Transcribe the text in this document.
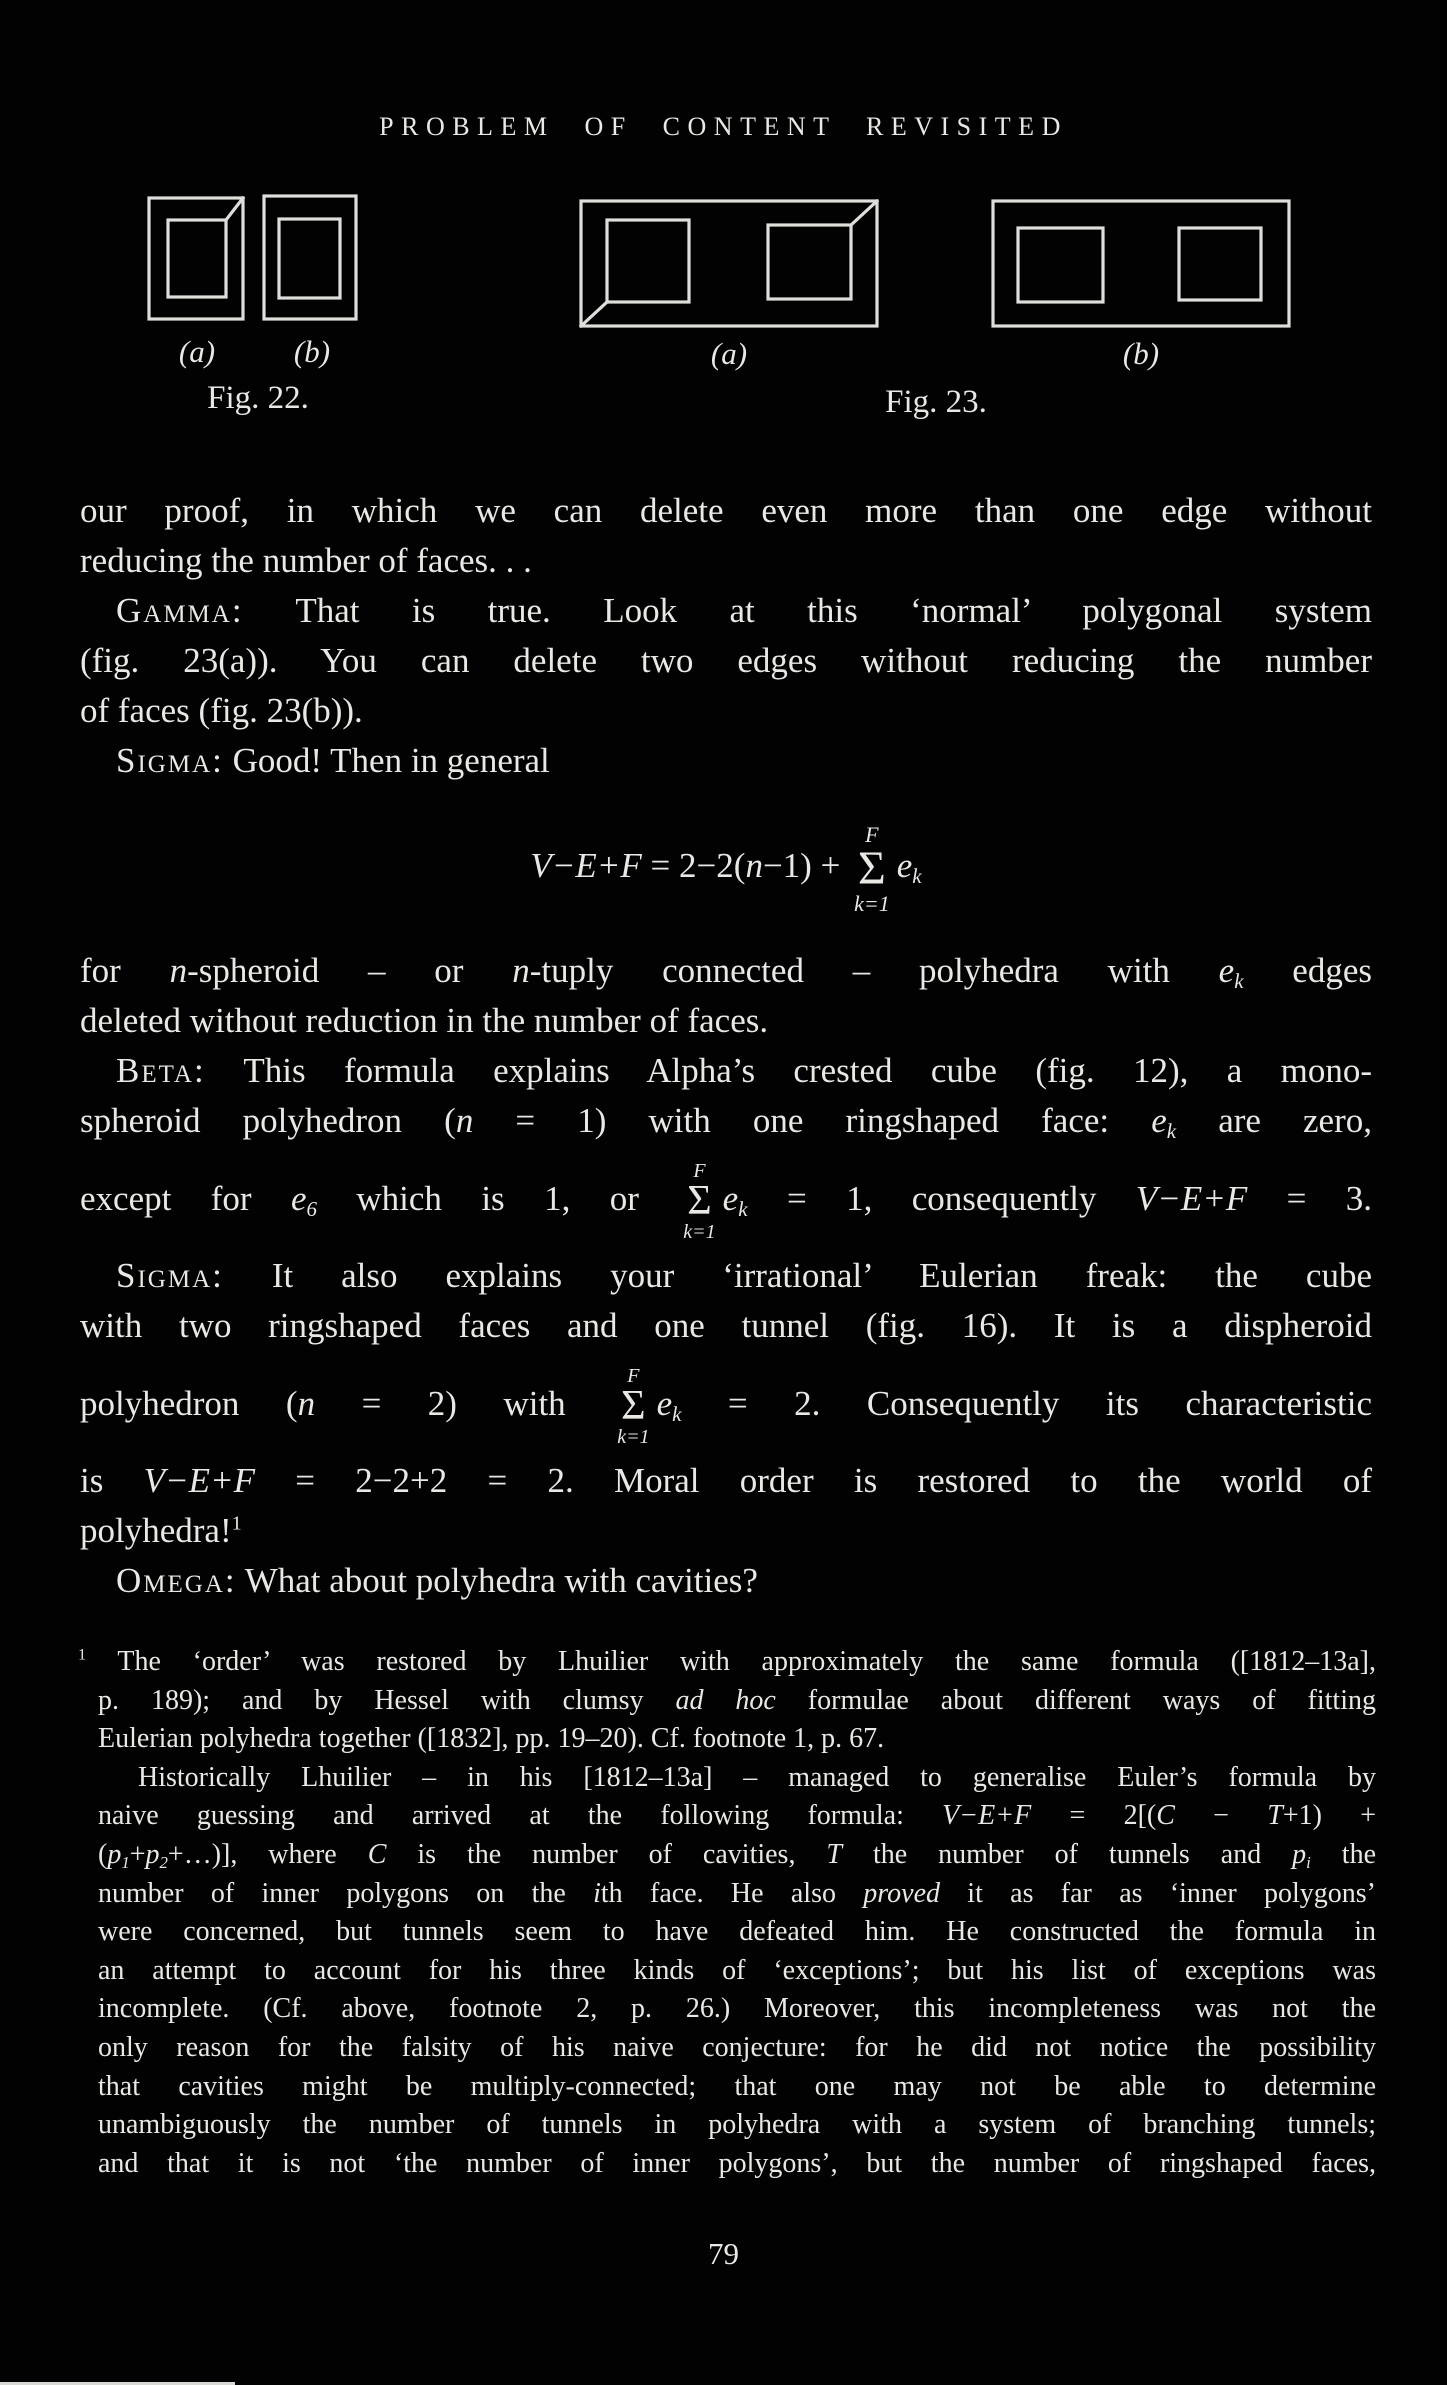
PROBLEM OF CONTENT REVISITED
(a)	(b)
Fig. 22.
(a)	(b)
Fig. 23.
our proof, in which we can delete even more than one edge without
reducing the number of faces. . .
Gamma: That is true. Look at this ‘normal’ polygonal system
(fig. 23(a)). You can delete two edges without reducing the number
of faces (fig. 23(b)).
Sigma: Good! Then in general
V−E+F = 2−2(n−1) +
F
Σ
k=1
$e_k$
for n-spheroid – or n-tuply connected – polyhedra with $e_k$ edges
deleted without reduction in the number of faces.
Beta: This formula explains Alpha’s crested cube (fig. 12), a mono-
spheroid polyhedron (n = 1) with one ringshaped face: $e_k$ are zero,
except for $e_6$ which is 1, or
F
Σ
k=1
$e_k = 1$, consequently V−E+F = 3.
Sigma: It also explains your ‘irrational’ Eulerian freak: the cube
with two ringshaped faces and one tunnel (fig. 16). It is a dispheroid
polyhedron (n = 2) with
F
Σ
k=1
$e_k = 2$. Consequently its characteristic
is V−E+F = 2−2+2 = 2. Moral order is restored to the world of
polyhedra!$^1$
Omega: What about polyhedra with cavities?
$^1$ The ‘order’ was restored by Lhuilier with approximately the same formula ([1812–13a],
p. 189); and by Hessel with clumsy ad hoc formulae about different ways of fitting
Eulerian polyhedra together ([1832], pp. 19–20). Cf. footnote 1, p. 67.
Historically Lhuilier – in his [1812–13a] – managed to generalise Euler’s formula by
naive guessing and arrived at the following formula: V−E+F = 2[(C − T+1) +
$(p_1+p_2+\dots)$], where C is the number of cavities, T the number of tunnels and $p_i$ the
number of inner polygons on the ith face. He also proved it as far as ‘inner polygons’
were concerned, but tunnels seem to have defeated him. He constructed the formula in
an attempt to account for his three kinds of ‘exceptions’; but his list of exceptions was
incomplete. (Cf. above, footnote 2, p. 26.) Moreover, this incompleteness was not the
only reason for the falsity of his naive conjecture: for he did not notice the possibility
that cavities might be multiply-connected; that one may not be able to determine
unambiguously the number of tunnels in polyhedra with a system of branching tunnels;
and that it is not ‘the number of inner polygons’, but the number of ringshaped faces,
79
